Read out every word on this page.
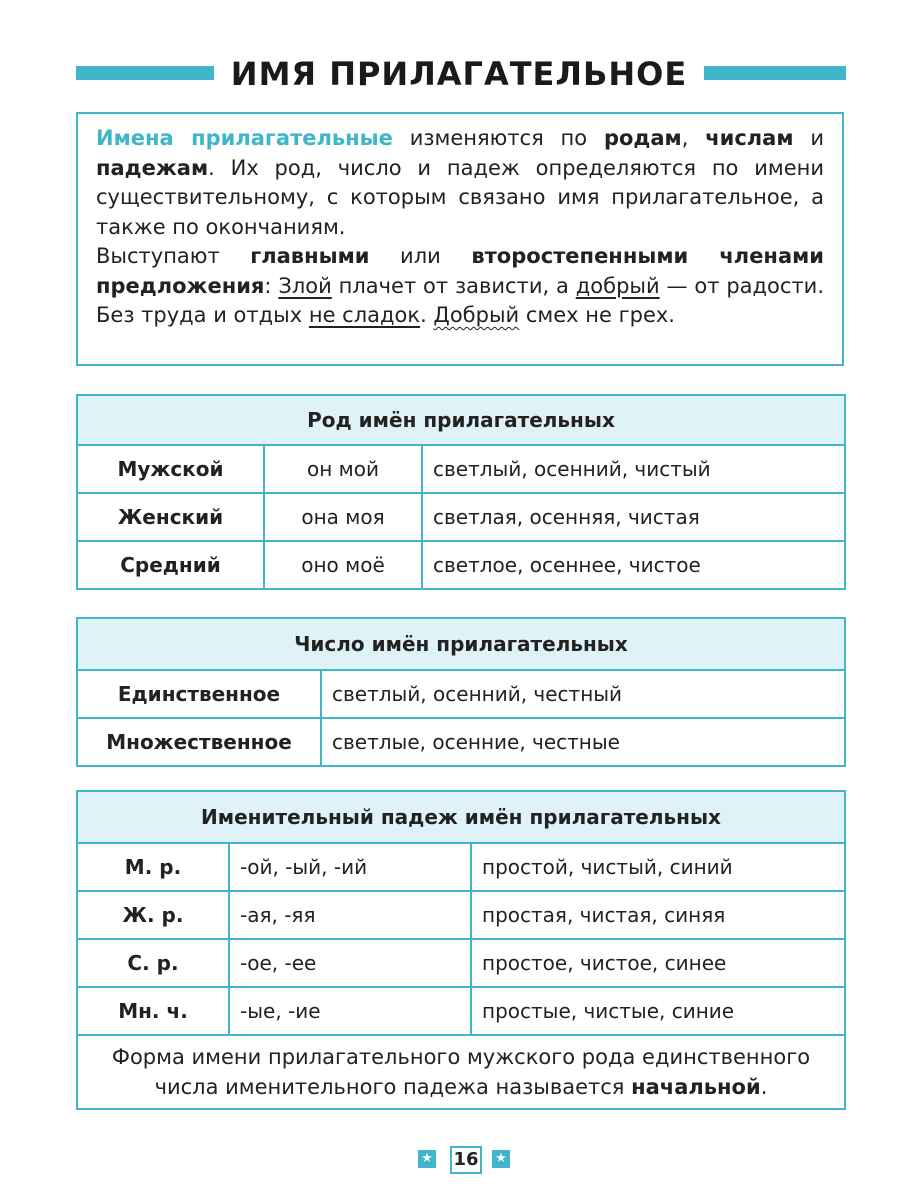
ИМЯ ПРИЛАГАТЕЛЬНОЕ

Имена прилагательные изменяются по родам, числам и падежам. Их род, число и падеж определяются по имени существительному, с которым связано имя прилагательное, а также по окончаниям.

Выступают главными или второстепенными членами предложения: Злой плачет от зависти, а добрый — от радости. Без труда и отдых не сладок. Добрый смех не грех.

Род имён прилагательных		
Мужской	он мой	светлый, осенний, чистый
Женский	она моя	светлая, осенняя, чистая
Средний	оно моё	светлое, осеннее, чистое
Число имён прилагательных	
Единственное	светлый, осенний, честный
Множественное	светлые, осенние, честные
Именительный падеж имён прилагательных		
М. р.	-ой, -ый, -ий	простой, чистый, синий
Ж. р.	-ая, -яя	простая, чистая, синяя
С. р.	-ое, -ее	простое, чистое, синее
Мн. ч.	-ые, -ие	простые, чистые, синие
Форма имени прилагательного мужского рода единственного числа именительного падежа называется начальной.		
★ 16 ★
